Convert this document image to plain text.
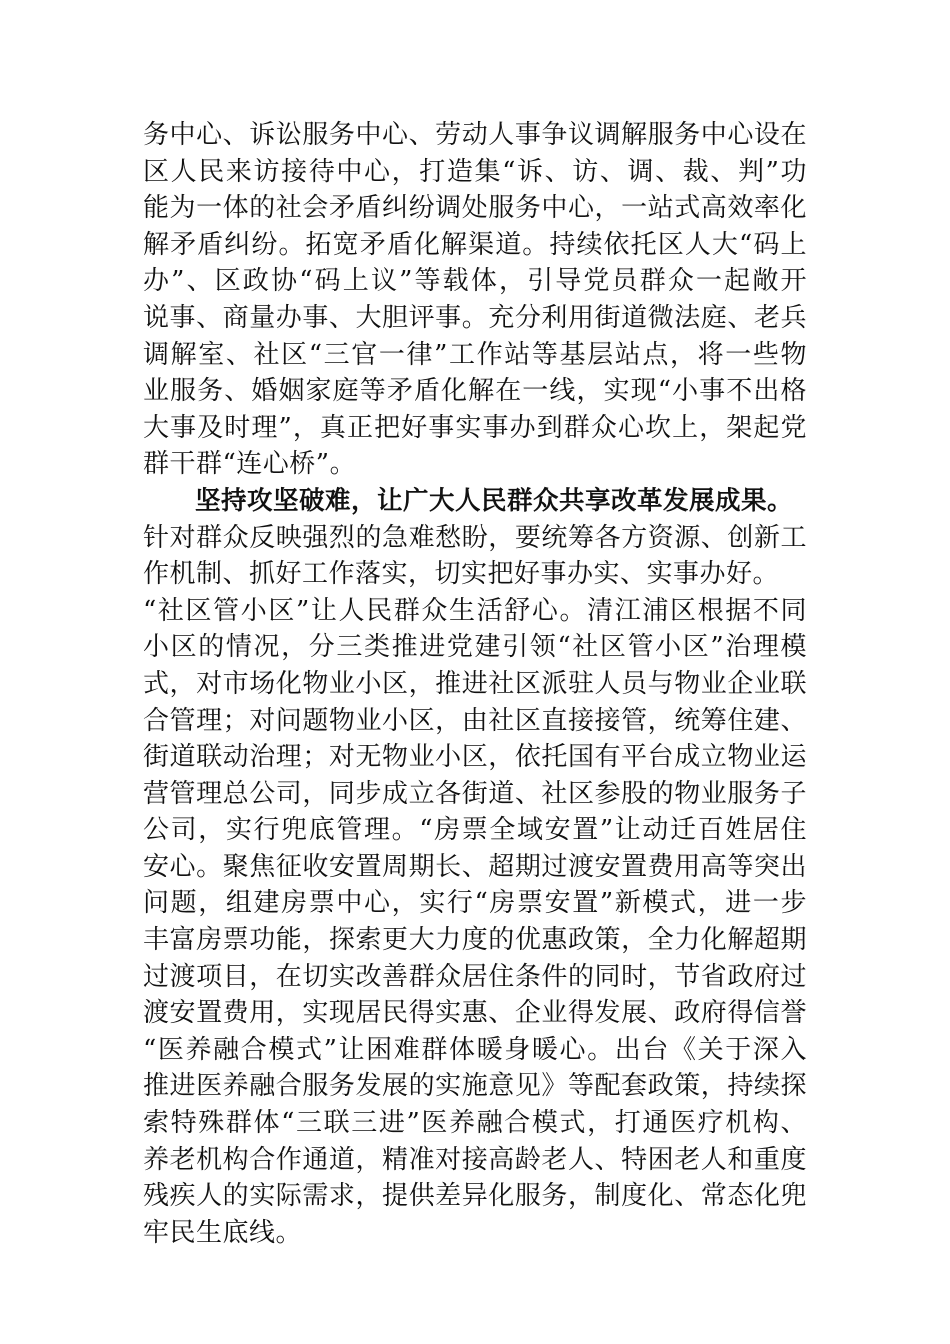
务中心、诉讼服务中心、劳动人事争议调解服务中心设在
区人民来访接待中心，打造集“诉、访、调、裁、判”功
能为一体的社会矛盾纠纷调处服务中心，一站式高效率化
解矛盾纠纷。拓宽矛盾化解渠道。持续依托区人大“码上
办”、区政协“码上议”等载体，引导党员群众一起敞开
说事、商量办事、大胆评事。充分利用街道微法庭、老兵
调解室、社区“三官一律”工作站等基层站点，将一些物
业服务、婚姻家庭等矛盾化解在一线，实现“小事不出格
大事及时理”，真正把好事实事办到群众心坎上，架起党
群干群“连心桥”。
坚持攻坚破难，让广大人民群众共享改革发展成果。
针对群众反映强烈的急难愁盼，要统筹各方资源、创新工
作机制、抓好工作落实，切实把好事办实、实事办好。
“社区管小区”让人民群众生活舒心。清江浦区根据不同
小区的情况，分三类推进党建引领“社区管小区”治理模
式，对市场化物业小区，推进社区派驻人员与物业企业联
合管理；对问题物业小区，由社区直接接管，统筹住建、
街道联动治理；对无物业小区，依托国有平台成立物业运
营管理总公司，同步成立各街道、社区参股的物业服务子
公司，实行兜底管理。“房票全域安置”让动迁百姓居住
安心。聚焦征收安置周期长、超期过渡安置费用高等突出
问题，组建房票中心，实行“房票安置”新模式，进一步
丰富房票功能，探索更大力度的优惠政策，全力化解超期
过渡项目，在切实改善群众居住条件的同时，节省政府过
渡安置费用，实现居民得实惠、企业得发展、政府得信誉
“医养融合模式”让困难群体暖身暖心。出台《关于深入
推进医养融合服务发展的实施意见》等配套政策，持续探
索特殊群体“三联三进”医养融合模式，打通医疗机构、
养老机构合作通道，精准对接高龄老人、特困老人和重度
残疾人的实际需求，提供差异化服务，制度化、常态化兜
牢民生底线。
